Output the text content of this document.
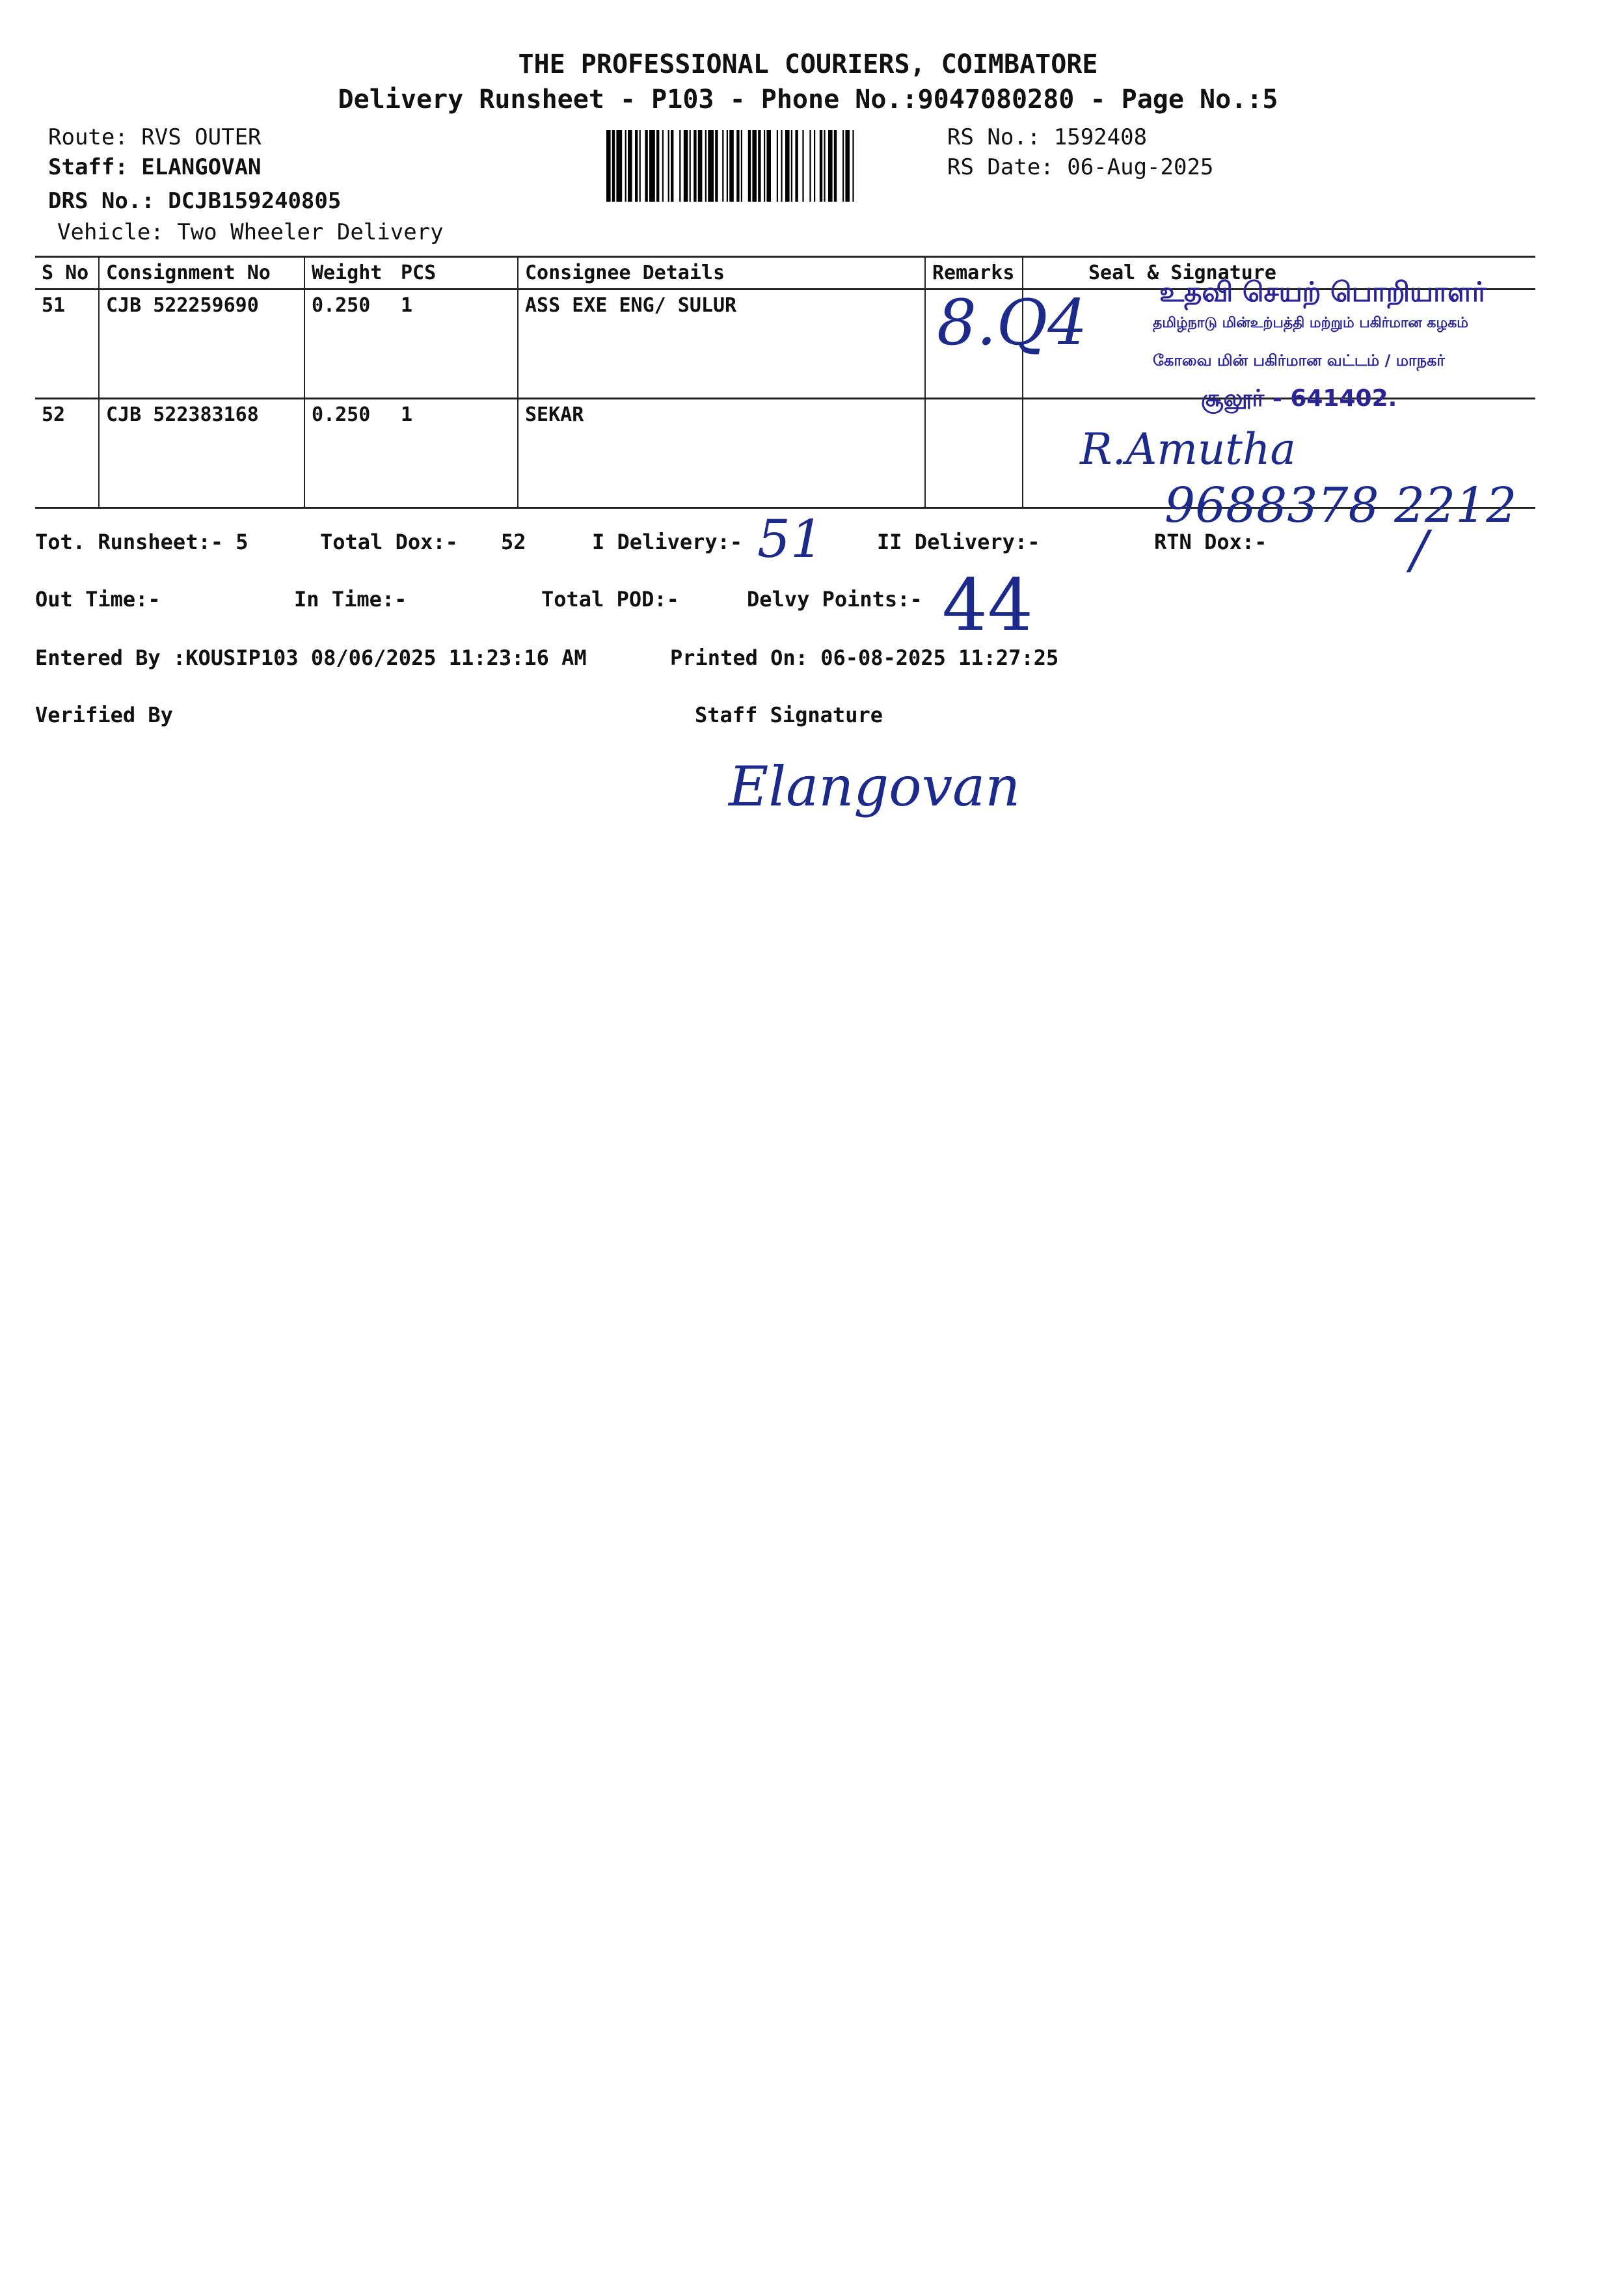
THE PROFESSIONAL COURIERS, COIMBATORE
Delivery Runsheet - P103 - Phone No.:9047080280 - Page No.:5
Route: RVS OUTER
Staff: ELANGOVAN
DRS No.: DCJB159240805
Vehicle: Two Wheeler Delivery
RS No.: 1592408
RS Date: 06-Aug-2025
S No	Consignment No	Weight	PCS	Consignee Details	Remarks	Seal & Signature
51	CJB 522259690	0.250	1	ASS EXE ENG/ SULUR		
52	CJB 522383168	0.250	1	SEKAR		
8.Q4	உதவி செயற் பொறியாளர்
தமிழ்நாடு மின்உற்பத்தி மற்றும் பகிர்மான கழகம்
கோவை மின் பகிர்மான வட்டம் / மாநகர்
சூலூர் - 641402.
R.Amutha
9688378 2212
Tot. Runsheet:- 5	Total Dox:- 52	I Delivery:- 51	II Delivery:-	RTN Dox:-	/
Out Time:-	In Time:-	Total POD:-	Delvy Points:- 44
Entered By :KOUSIP103 08/06/2025 11:23:16 AM	Printed On: 06-08-2025 11:27:25
Verified By	Staff Signature
Elangovan
